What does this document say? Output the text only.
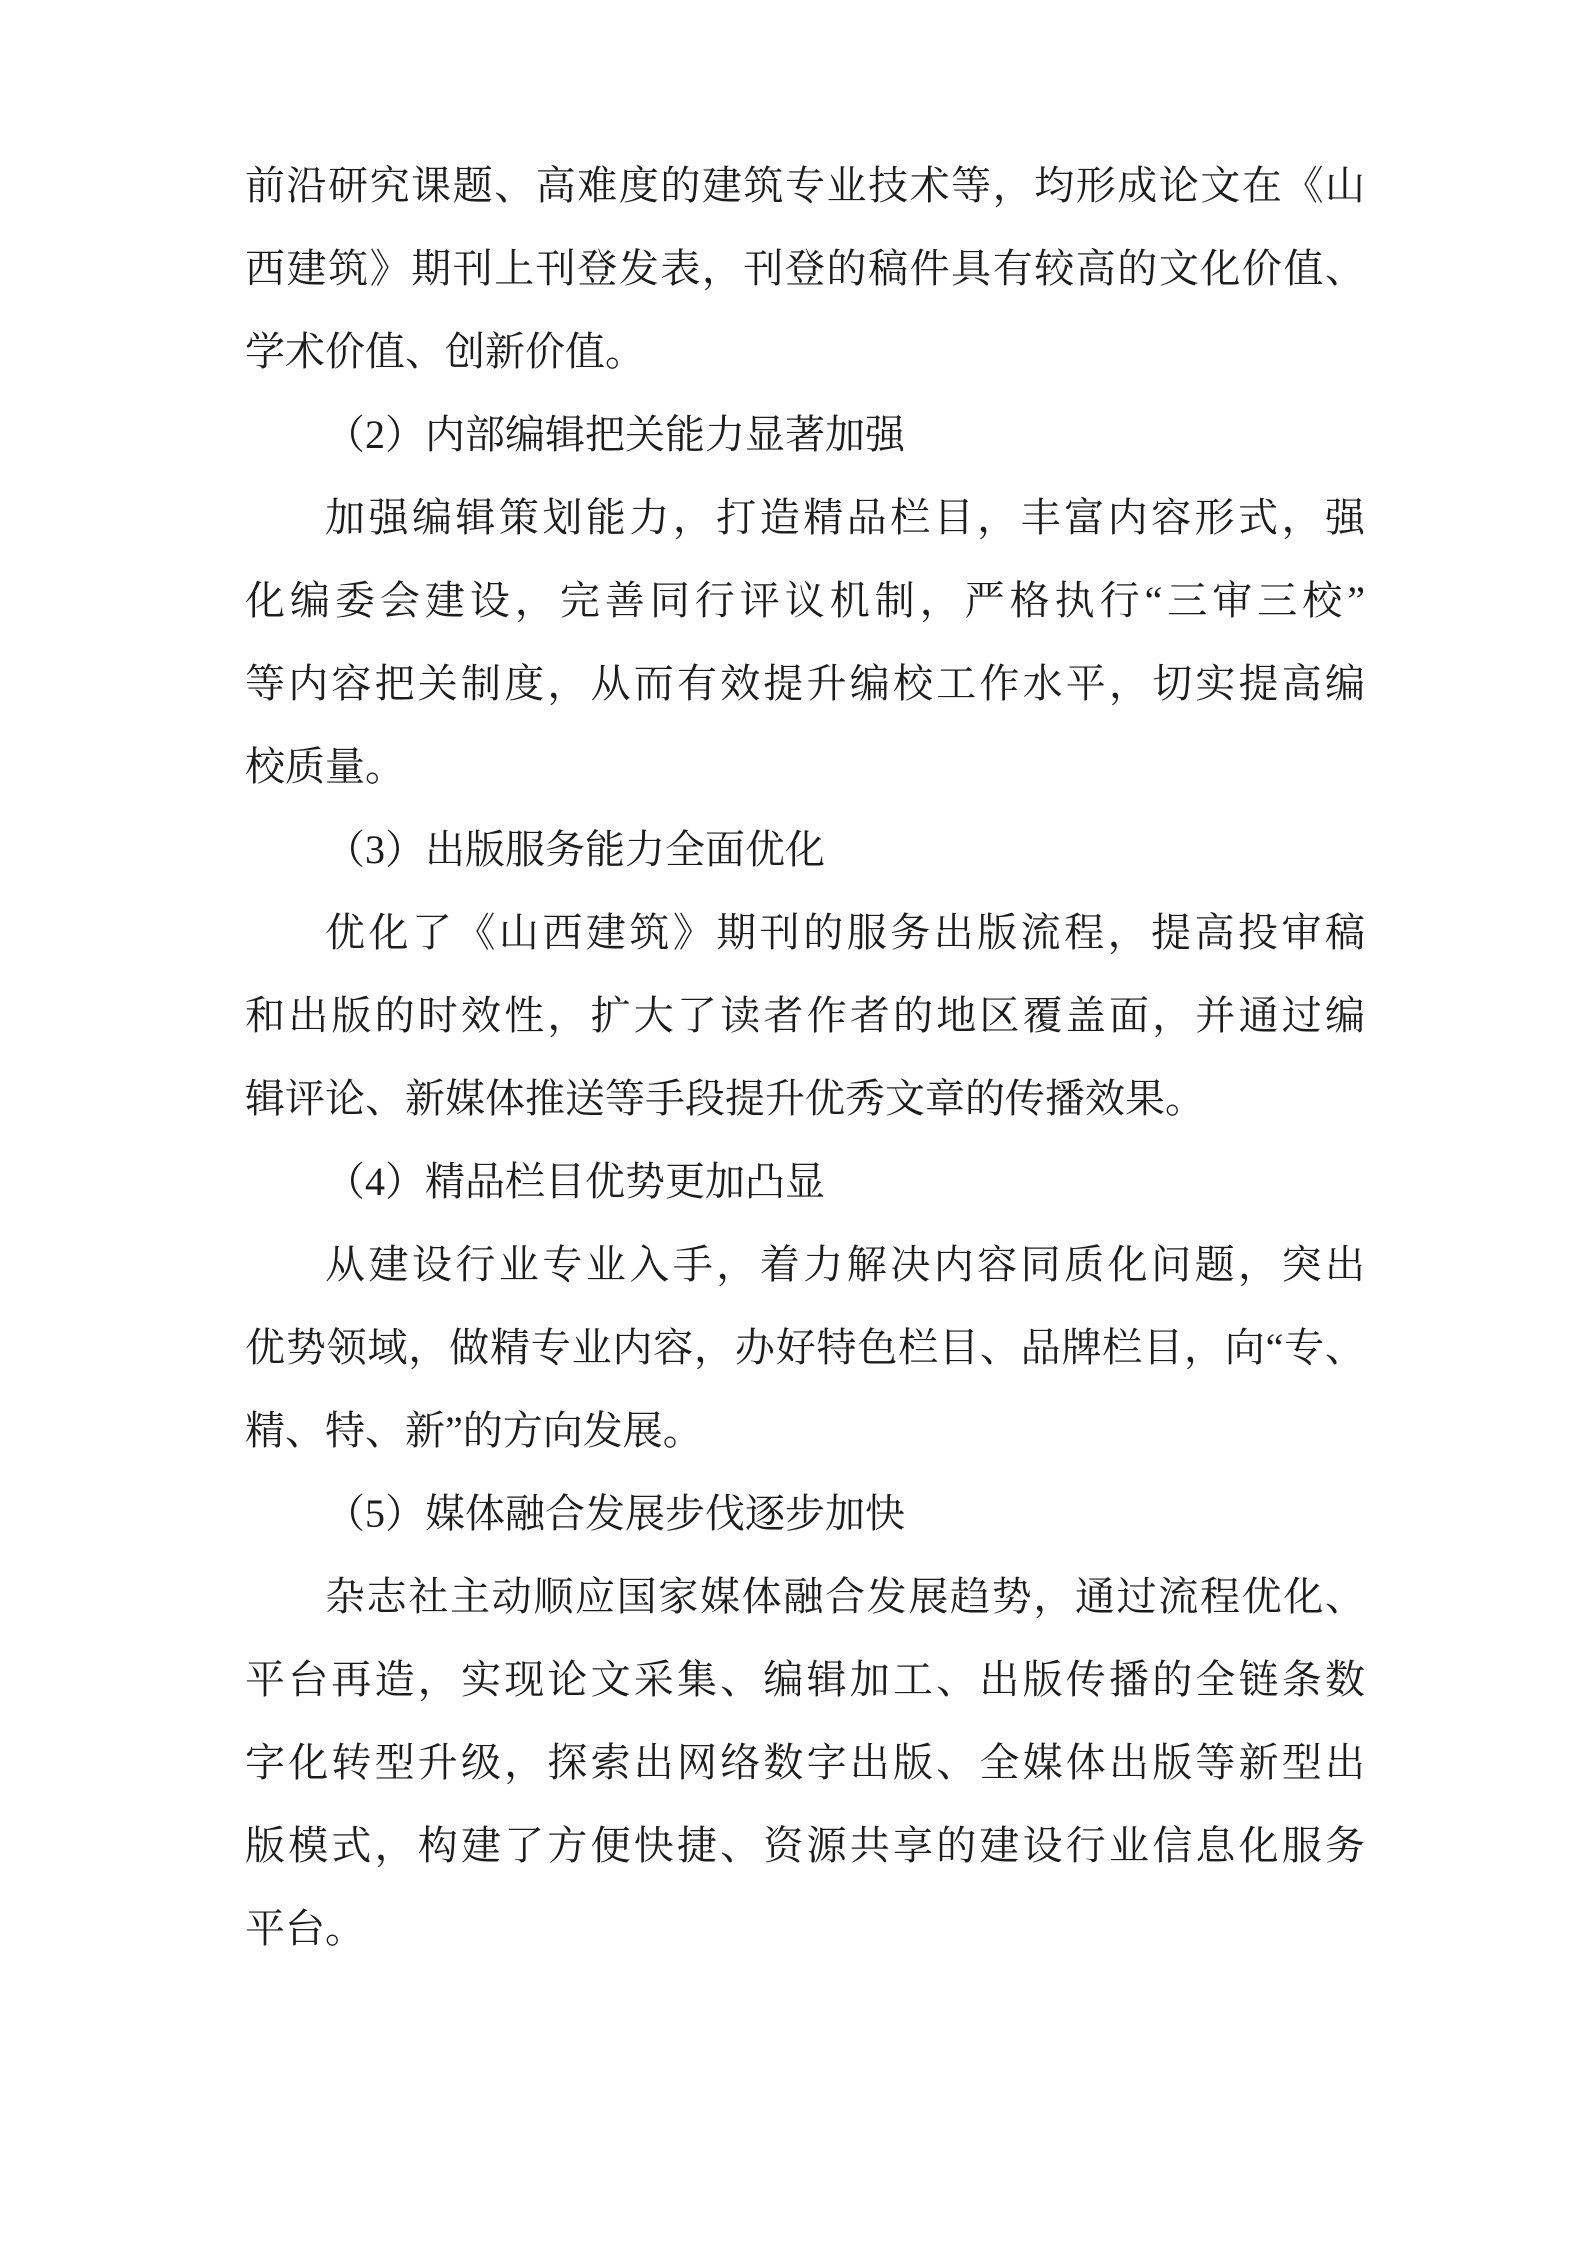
前沿研究课题、高难度的建筑专业技术等，均形成论文在《山
西建筑》期刊上刊登发表，刊登的稿件具有较高的文化价值、
学术价值、创新价值。
（2）内部编辑把关能力显著加强
加强编辑策划能力，打造精品栏目，丰富内容形式，强
化编委会建设，完善同行评议机制，严格执行“三审三校”
等内容把关制度，从而有效提升编校工作水平，切实提高编
校质量。
（3）出版服务能力全面优化
优化了《山西建筑》期刊的服务出版流程，提高投审稿
和出版的时效性，扩大了读者作者的地区覆盖面，并通过编
辑评论、新媒体推送等手段提升优秀文章的传播效果。
（4）精品栏目优势更加凸显
从建设行业专业入手，着力解决内容同质化问题，突出
优势领域，做精专业内容，办好特色栏目、品牌栏目，向“专、
精、特、新”的方向发展。
（5）媒体融合发展步伐逐步加快
杂志社主动顺应国家媒体融合发展趋势，通过流程优化、
平台再造，实现论文采集、编辑加工、出版传播的全链条数
字化转型升级，探索出网络数字出版、全媒体出版等新型出
版模式，构建了方便快捷、资源共享的建设行业信息化服务
平台。
